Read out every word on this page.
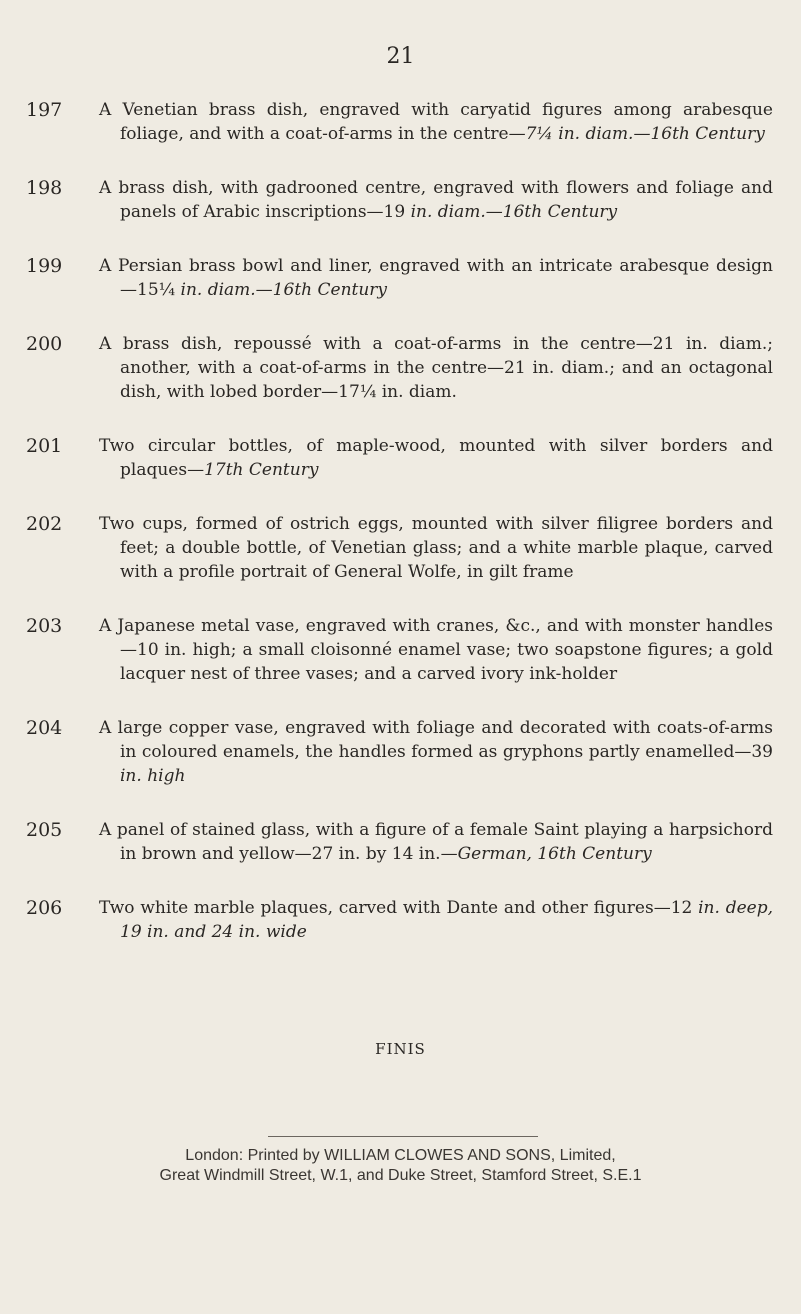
21
197 A Venetian brass dish, engraved with caryatid figures among arabesque foliage, and with a coat-of-arms in the centre—7¼ in. diam.—16th Century
198 A brass dish, with gadrooned centre, engraved with flowers and foliage and panels of Arabic inscriptions—19 in. diam.—16th Century
199 A Persian brass bowl and liner, engraved with an intricate arabesque design—15¼ in. diam.—16th Century
200 A brass dish, repoussé with a coat-of-arms in the centre—21 in. diam.; another, with a coat-of-arms in the centre—21 in. diam.; and an octagonal dish, with lobed border—17¼ in. diam.
201 Two circular bottles, of maple-wood, mounted with silver borders and plaques—17th Century
202 Two cups, formed of ostrich eggs, mounted with silver filigree borders and feet; a double bottle, of Venetian glass; and a white marble plaque, carved with a profile portrait of General Wolfe, in gilt frame
203 A Japanese metal vase, engraved with cranes, &c., and with monster handles—10 in. high; a small cloisonné enamel vase; two soapstone figures; a gold lacquer nest of three vases; and a carved ivory ink-holder
204 A large copper vase, engraved with foliage and decorated with coats-of-arms in coloured enamels, the handles formed as gryphons partly enamelled—39 in. high
205 A panel of stained glass, with a figure of a female Saint playing a harpsichord in brown and yellow—27 in. by 14 in.—German, 16th Century
206 Two white marble plaques, carved with Dante and other figures—12 in. deep, 19 in. and 24 in. wide
FINIS
London: Printed by WILLIAM CLOWES AND SONS, Limited,
Great Windmill Street, W.1, and Duke Street, Stamford Street, S.E.1
